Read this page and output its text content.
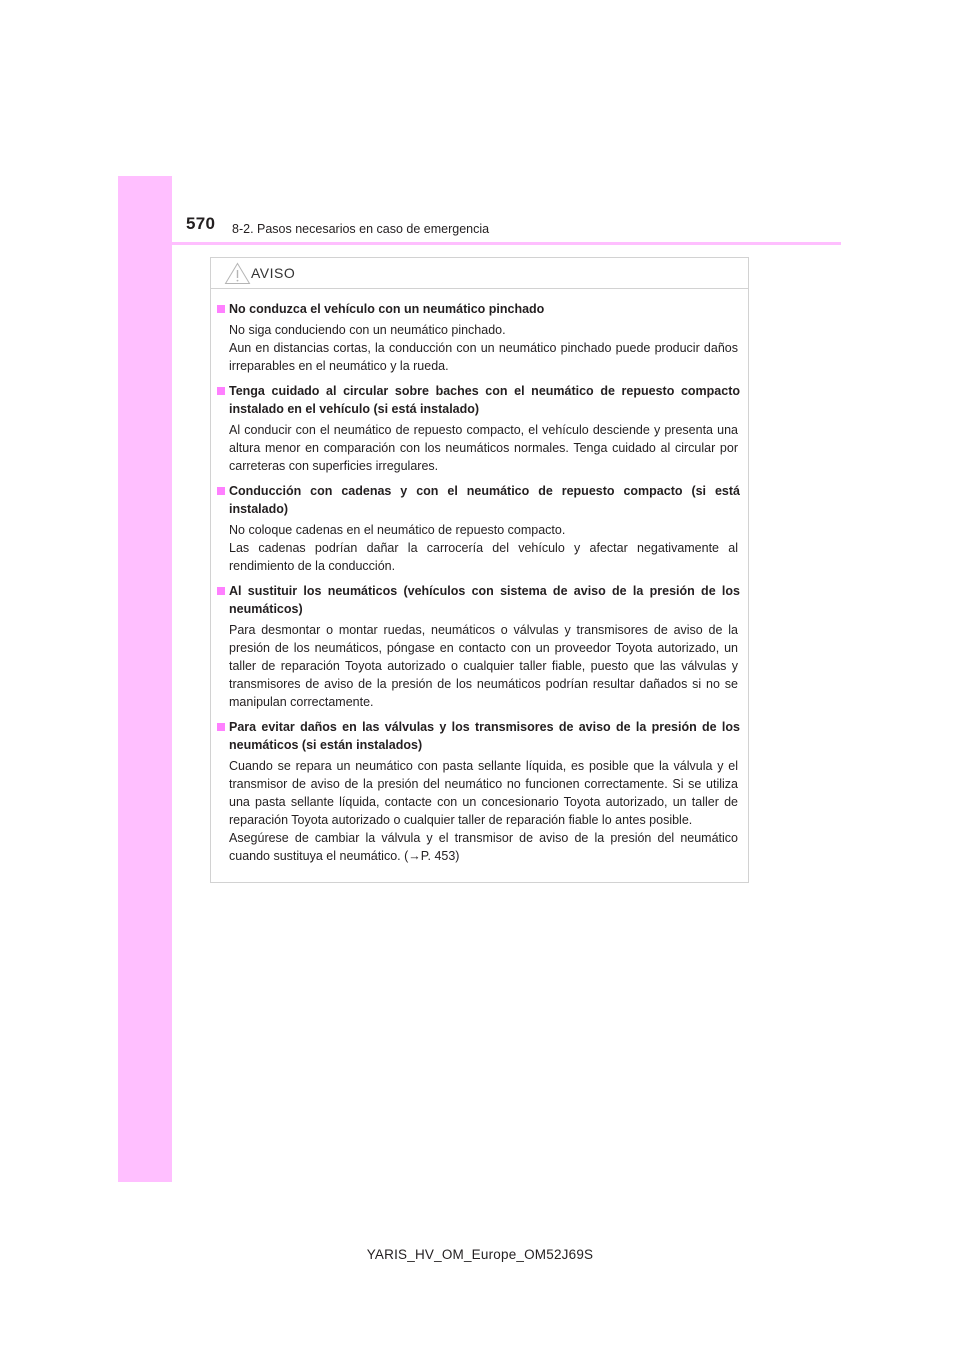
570 8-2. Pasos necesarios en caso de emergencia
AVISO
No conduzca el vehículo con un neumático pinchado

No siga conduciendo con un neumático pinchado.

Aun en distancias cortas, la conducción con un neumático pinchado puede producir daños irreparables en el neumático y la rueda.

Tenga cuidado al circular sobre baches con el neumático de repuesto compacto instalado en el vehículo (si está instalado)

Al conducir con el neumático de repuesto compacto, el vehículo desciende y presenta una altura menor en comparación con los neumáticos normales. Tenga cuidado al circular por carreteras con superficies irregulares.

Conducción con cadenas y con el neumático de repuesto compacto (si está instalado)

No coloque cadenas en el neumático de repuesto compacto.

Las cadenas podrían dañar la carrocería del vehículo y afectar negativamente al rendimiento de la conducción.

Al sustituir los neumáticos (vehículos con sistema de aviso de la presión de los neumáticos)

Para desmontar o montar ruedas, neumáticos o válvulas y transmisores de aviso de la presión de los neumáticos, póngase en contacto con un proveedor Toyota autorizado, un taller de reparación Toyota autorizado o cualquier taller fiable, puesto que las válvulas y transmisores de aviso de la presión de los neumáticos podrían resultar dañados si no se manipulan correctamente.

Para evitar daños en las válvulas y los transmisores de aviso de la presión de los neumáticos (si están instalados)

Cuando se repara un neumático con pasta sellante líquida, es posible que la válvula y el transmisor de aviso de la presión del neumático no funcionen correctamente. Si se utiliza una pasta sellante líquida, contacte con un concesionario Toyota autorizado, un taller de reparación Toyota autorizado o cualquier taller de reparación fiable lo antes posible.

Asegúrese de cambiar la válvula y el transmisor de aviso de la presión del neumático cuando sustituya el neumático. (→P. 453)

YARIS_HV_OM_Europe_OM52J69S
